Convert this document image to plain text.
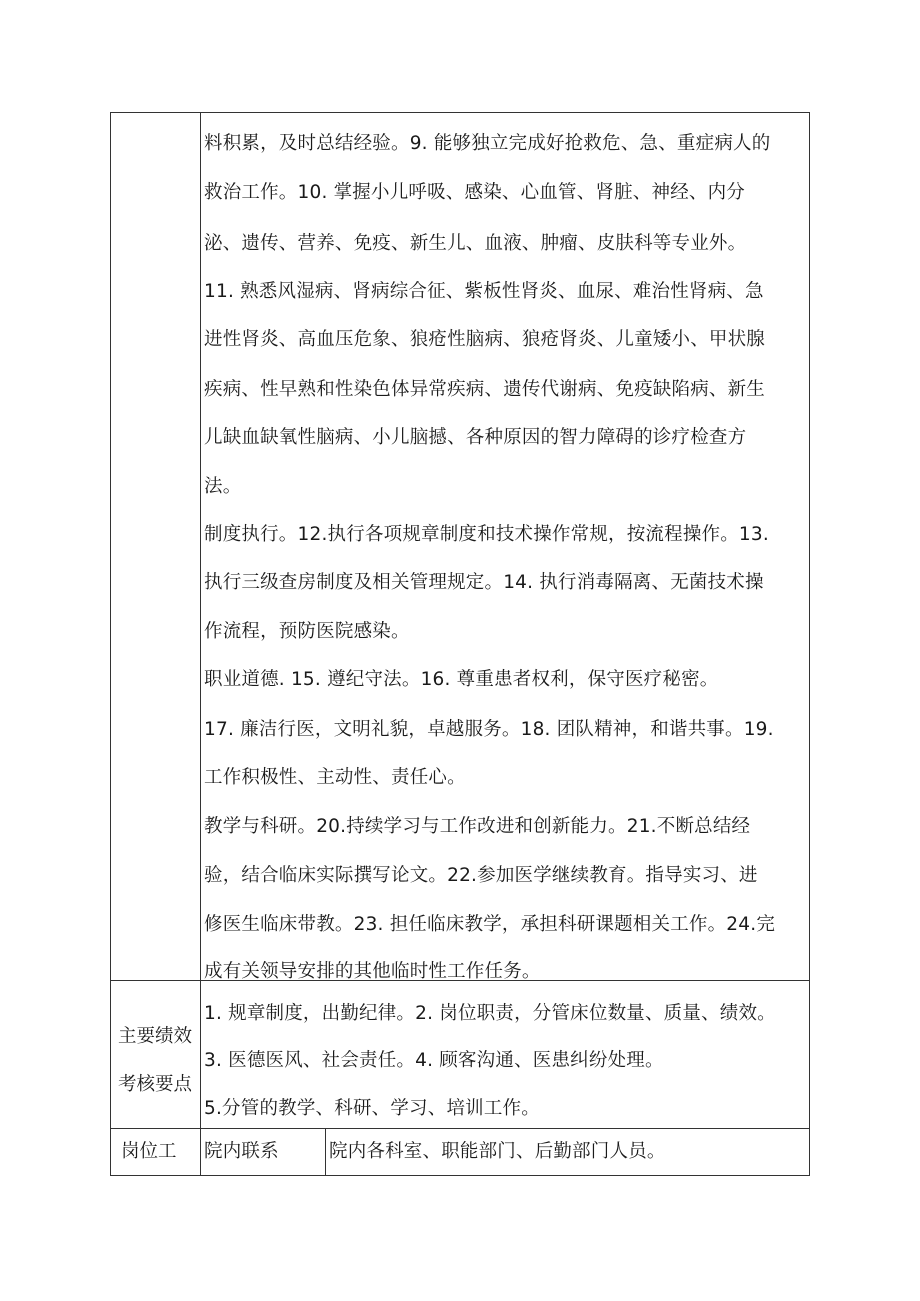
料积累，及时总结经验。9. 能够独立完成好抢救危、急、重症病人的
救治工作。10. 掌握小儿呼吸、感染、心血管、肾脏、神经、内分
泌、遗传、营养、免疫、新生儿、血液、肿瘤、皮肤科等专业外。
11. 熟悉风湿病、肾病综合征、紫板性肾炎、血尿、难治性肾病、急
进性肾炎、高血压危象、狼疮性脑病、狼疮肾炎、儿童矮小、甲状腺
疾病、性早熟和性染色体异常疾病、遗传代谢病、免疫缺陷病、新生
儿缺血缺氧性脑病、小儿脑撼、各种原因的智力障碍的诊疗检查方
法。
制度执行。12.执行各项规章制度和技术操作常规，按流程操作。13.
执行三级查房制度及相关管理规定。14. 执行消毒隔离、无菌技术操
作流程，预防医院感染。
职业道德. 15. 遵纪守法。16. 尊重患者权利，保守医疗秘密。
17. 廉洁行医，文明礼貌，卓越服务。18. 团队精神，和谐共事。19.
工作积极性、主动性、责任心。
教学与科研。20.持续学习与工作改进和创新能力。21.不断总结经
验，结合临床实际撰写论文。22.参加医学继续教育。指导实习、进
修医生临床带教。23. 担任临床教学，承担科研课题相关工作。24.完
成有关领导安排的其他临时性工作任务。
主要绩效
考核要点
1. 规章制度，出勤纪律。2. 岗位职责，分管床位数量、质量、绩效。
3. 医德医风、社会责任。4. 顾客沟通、医患纠纷处理。
5.分管的教学、科研、学习、培训工作。
岗位工 院内联系	院内各科室、职能部门、后勤部门人员。
